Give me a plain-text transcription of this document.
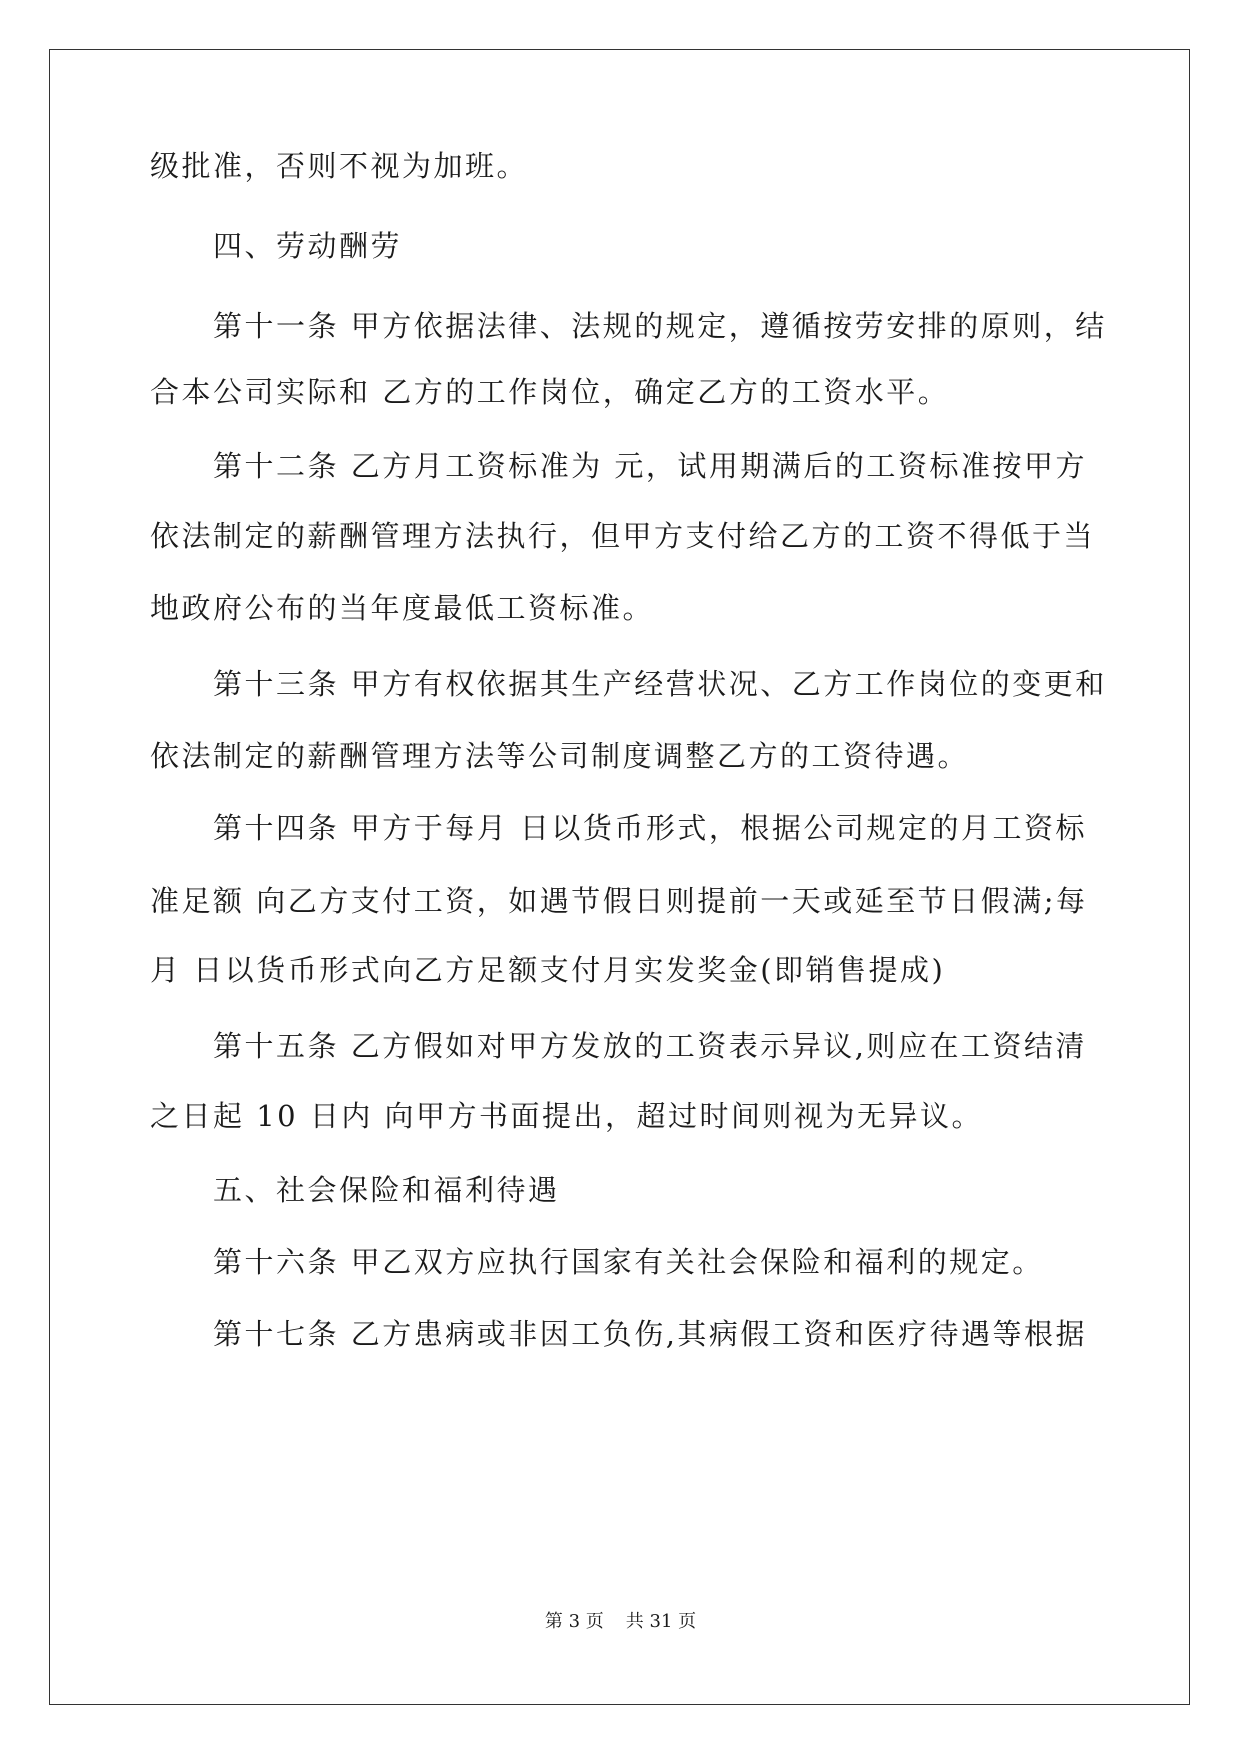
级批准，否则不视为加班。
四、劳动酬劳
第十一条 甲方依据法律、法规的规定，遵循按劳安排的原则，结
合本公司实际和 乙方的工作岗位，确定乙方的工资水平。
第十二条 乙方月工资标准为 元，试用期满后的工资标准按甲方
依法制定的薪酬管理方法执行，但甲方支付给乙方的工资不得低于当
地政府公布的当年度最低工资标准。
第十三条 甲方有权依据其生产经营状况、乙方工作岗位的变更和
依法制定的薪酬管理方法等公司制度调整乙方的工资待遇。
第十四条 甲方于每月 日以货币形式，根据公司规定的月工资标
准足额 向乙方支付工资，如遇节假日则提前一天或延至节日假满;每
月 日以货币形式向乙方足额支付月实发奖金(即销售提成)
第十五条 乙方假如对甲方发放的工资表示异议,则应在工资结清
之日起 10 日内 向甲方书面提出，超过时间则视为无异议。
五、社会保险和福利待遇
第十六条 甲乙双方应执行国家有关社会保险和福利的规定。
第十七条 乙方患病或非因工负伤,其病假工资和医疗待遇等根据
第 3 页 共 31 页
